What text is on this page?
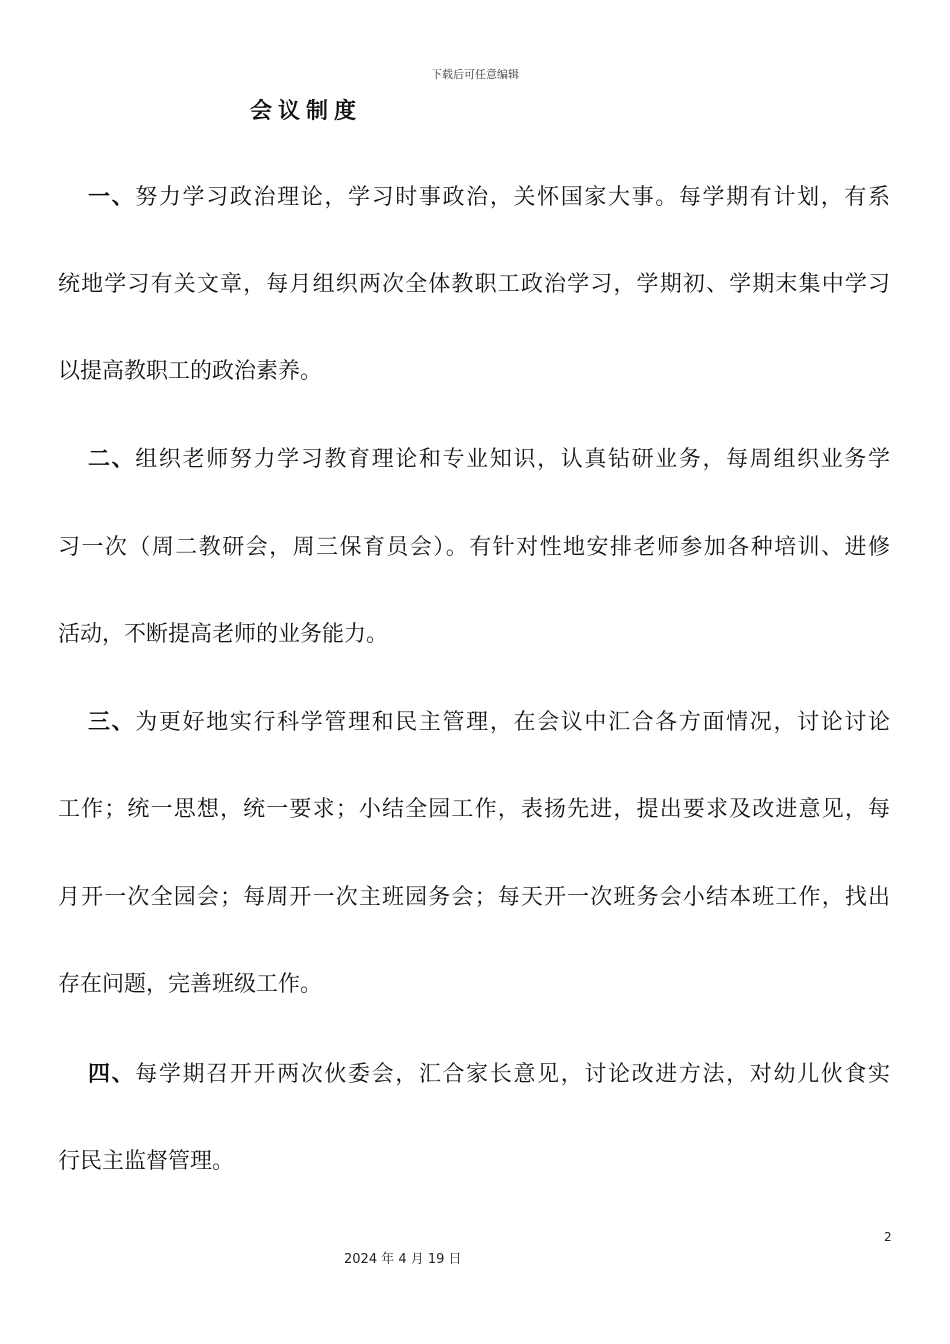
下载后可任意编辑
会议制度
一、努力学习政治理论，学习时事政治，关怀国家大事。每学期有计划，有系
统地学习有关文章，每月组织两次全体教职工政治学习，学期初、学期末集中学习
以提高教职工的政治素养。
二、组织老师努力学习教育理论和专业知识，认真钻研业务，每周组织业务学
习一次（周二教研会，周三保育员会）。有针对性地安排老师参加各种培训、进修
活动，不断提高老师的业务能力。
三、为更好地实行科学管理和民主管理，在会议中汇合各方面情况，讨论讨论
工作；统一思想，统一要求；小结全园工作，表扬先进，提出要求及改进意见，每
月开一次全园会；每周开一次主班园务会；每天开一次班务会小结本班工作，找出
存在问题，完善班级工作。
四、每学期召开开两次伙委会，汇合家长意见，讨论改进方法，对幼儿伙食实
行民主监督管理。
2
2024 年 4 月 19 日
